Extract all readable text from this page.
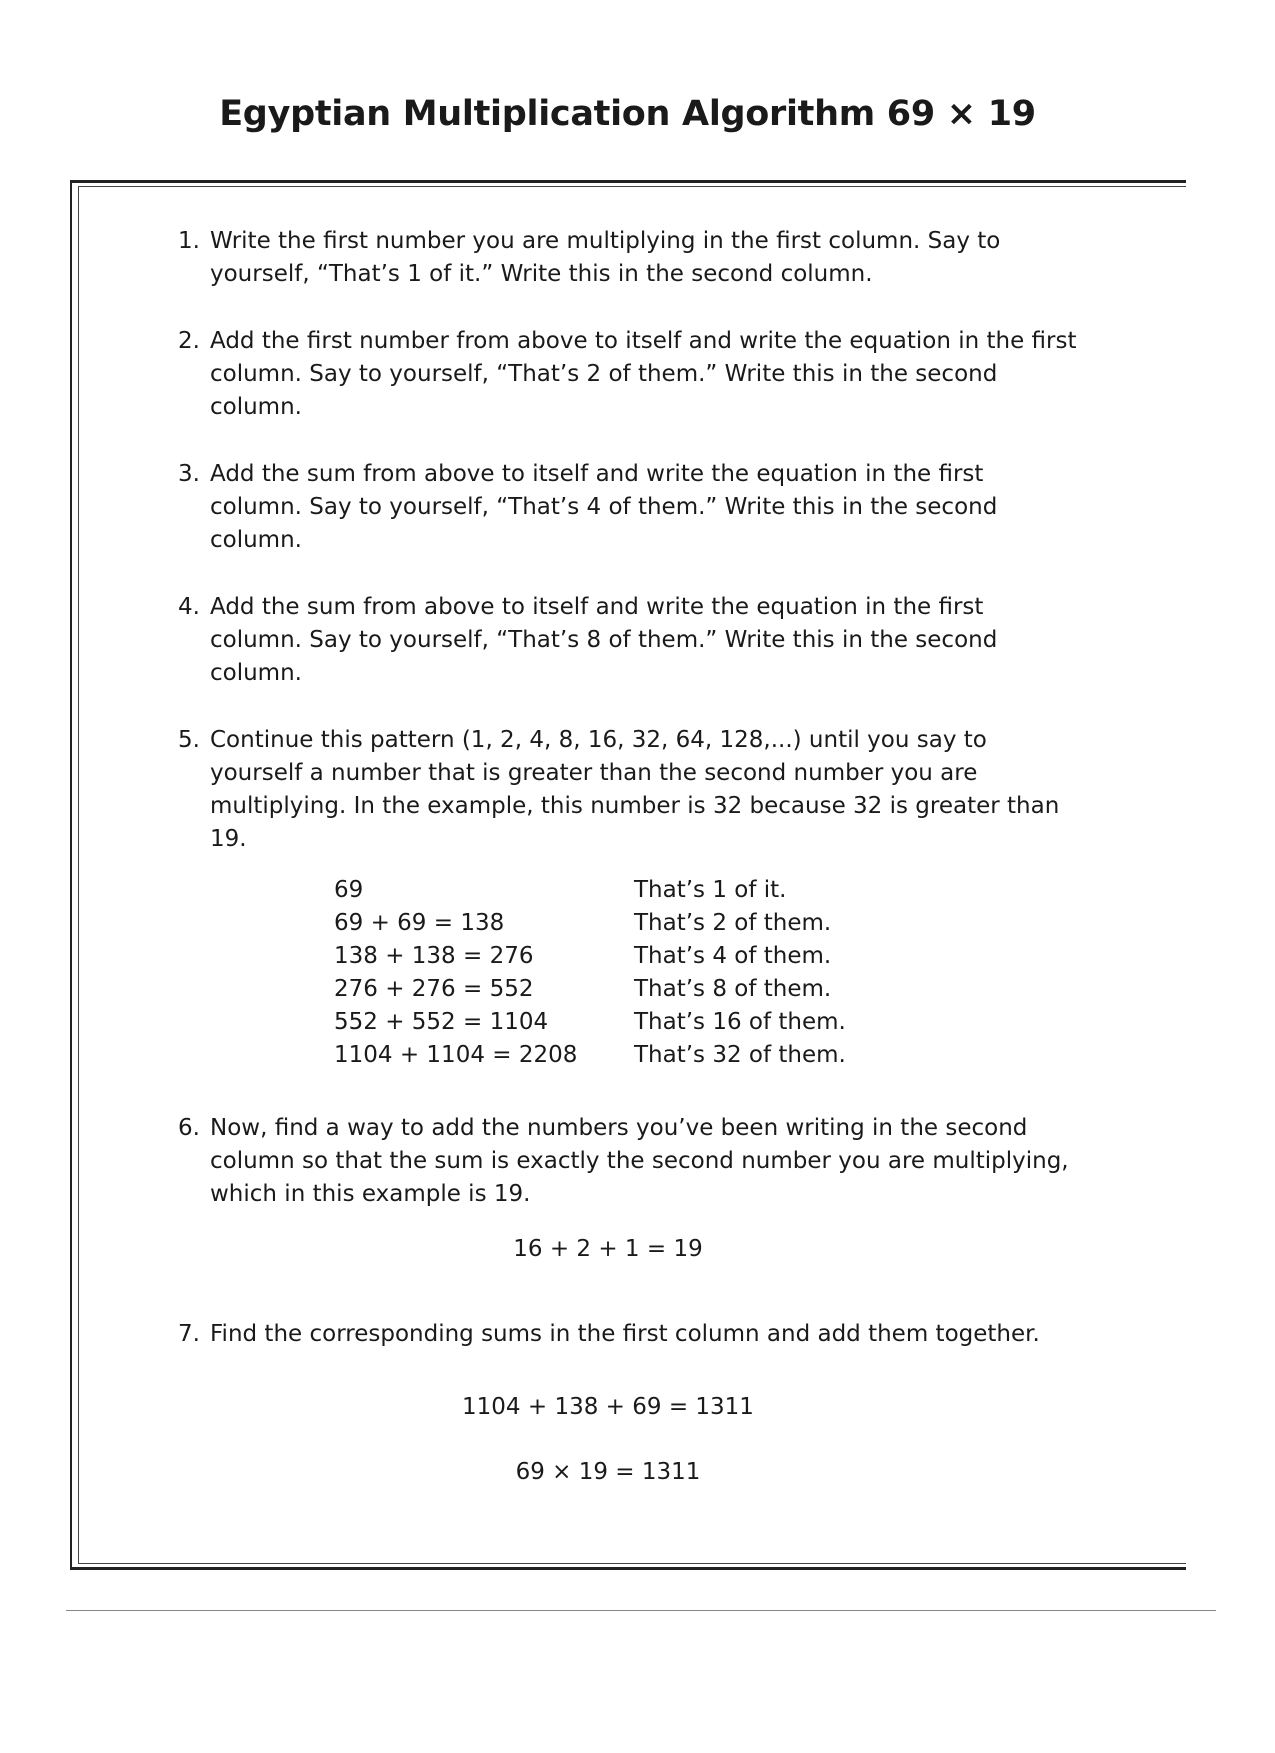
Egyptian Multiplication Algorithm 69 × 19
1. Write the first number you are multiplying in the first column. Say to yourself, “That’s 1 of it.” Write this in the second column.
2. Add the first number from above to itself and write the equation in the first column. Say to yourself, “That’s 2 of them.” Write this in the second column.
3. Add the sum from above to itself and write the equation in the first column. Say to yourself, “That’s 4 of them.” Write this in the second column.
4. Add the sum from above to itself and write the equation in the first column. Say to yourself, “That’s 8 of them.” Write this in the second column.
5. Continue this pattern (1, 2, 4, 8, 16, 32, 64, 128,...) until you say to yourself a number that is greater than the second number you are multiplying. In the example, this number is 32 because 32 is greater than 19.
69	That’s 1 of it.
69 + 69 = 138	That’s 2 of them.
138 + 138 = 276	That’s 4 of them.
276 + 276 = 552	That’s 8 of them.
552 + 552 = 1104	That’s 16 of them.
1104 + 1104 = 2208	That’s 32 of them.
6. Now, find a way to add the numbers you’ve been writing in the second column so that the sum is exactly the second number you are multiplying, which in this example is 19.
16 + 2 + 1 = 19
7. Find the corresponding sums in the first column and add them together.
1104 + 138 + 69 = 1311
69 × 19 = 1311
